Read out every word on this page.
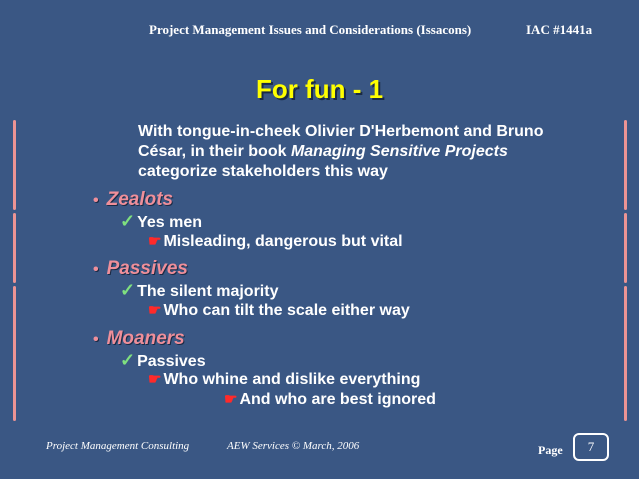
Project Management Issues and Considerations (Issacons)	IAC #1441a
For fun - 1
With tongue-in-cheek Olivier D'Herbemont and Bruno César, in their book Managing Sensitive Projects categorize stakeholders this way
• Zealots
✓ Yes men
☛ Misleading, dangerous but vital
• Passives
✓ The silent majority
☛ Who can tilt the scale either way
• Moaners
✓ Passives
☛ Who whine and dislike everything
☛ And who are best ignored
Project Management Consulting	AEW Services © March, 2006	Page	7
